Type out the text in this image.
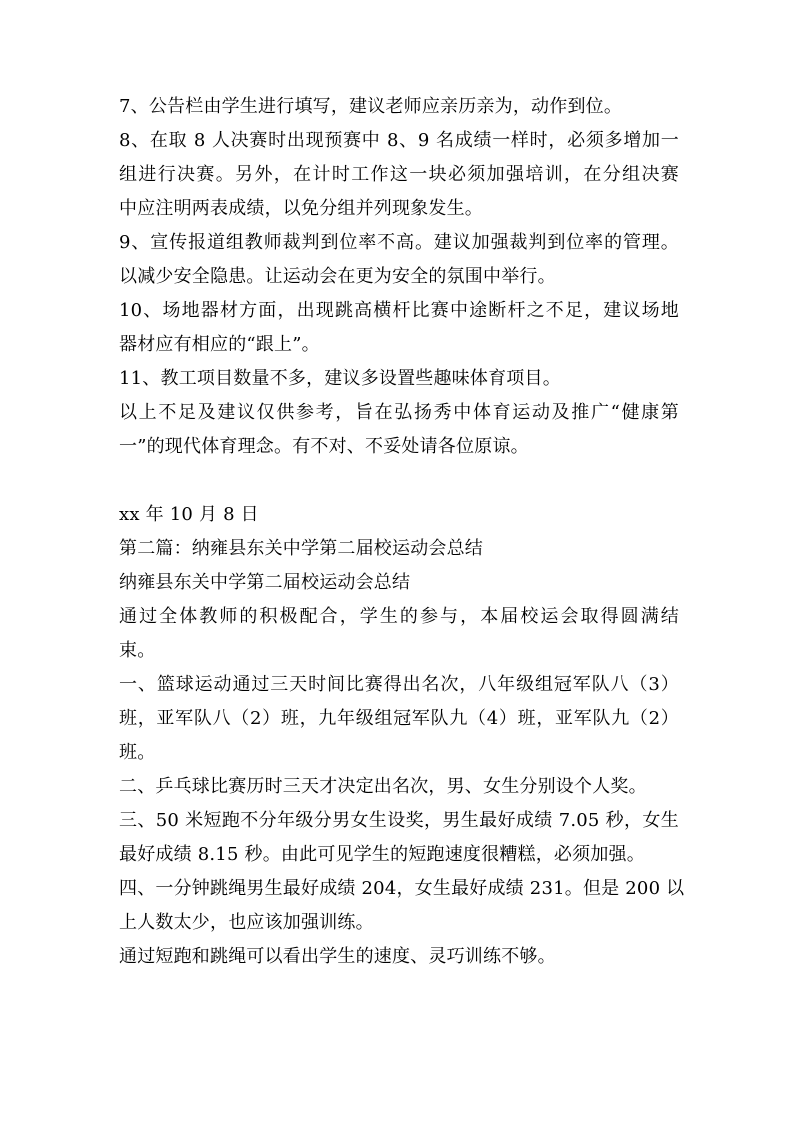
7、公告栏由学生进行填写，建议老师应亲历亲为，动作到位。
8、在取 8 人决赛时出现预赛中 8、9 名成绩一样时，必须多增加一
组进行决赛。另外，在计时工作这一块必须加强培训，在分组决赛
中应注明两表成绩，以免分组并列现象发生。
9、宣传报道组教师裁判到位率不高。建议加强裁判到位率的管理。
以减少安全隐患。让运动会在更为安全的氛围中举行。
10、场地器材方面，出现跳高横杆比赛中途断杆之不足，建议场地
器材应有相应的“跟上”。
11、教工项目数量不多，建议多设置些趣味体育项目。
以上不足及建议仅供参考，旨在弘扬秀中体育运动及推广“健康第
一”的现代体育理念。有不对、不妥处请各位原谅。
xx 年 10 月 8 日
第二篇：纳雍县东关中学第二届校运动会总结
纳雍县东关中学第二届校运动会总结
通过全体教师的积极配合，学生的参与，本届校运会取得圆满结
束。
一、篮球运动通过三天时间比赛得出名次，八年级组冠军队八（3）
班，亚军队八（2）班，九年级组冠军队九（4）班，亚军队九（2）
班。
二、乒乓球比赛历时三天才决定出名次，男、女生分别设个人奖。
三、50 米短跑不分年级分男女生设奖，男生最好成绩 7.05 秒，女生
最好成绩 8.15 秒。由此可见学生的短跑速度很糟糕，必须加强。
四、一分钟跳绳男生最好成绩 204，女生最好成绩 231。但是 200 以
上人数太少，也应该加强训练。
通过短跑和跳绳可以看出学生的速度、灵巧训练不够。
